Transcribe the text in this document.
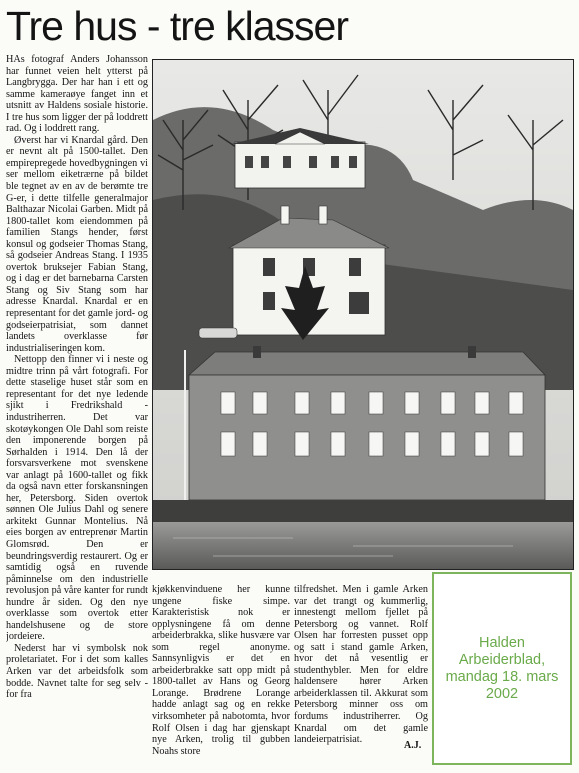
Tre hus - tre klasser

HAs fotograf Anders Johansson har funnet veien helt ytterst på Langbrygga. Der har han i ett og samme kameraøye fanget inn et utsnitt av Haldens sosiale historie. I tre hus som ligger der på loddrett rad. Og i loddrett rang.

Øverst har vi Knardal gård. Den er nevnt alt på 1500-tallet. Den empirepregede hovedbygningen vi ser mellom eiketrærne på bildet ble tegnet av en av de berømte tre G-er, i dette tilfelle generalmajor Balthazar Nicolai Garben. Midt på 1800-tallet kom eiendommen på familien Stangs hender, først konsul og godseier Thomas Stang, så godseier Andreas Stang. I 1935 overtok bruksejer Fabian Stang, og i dag er det barnebarna Carsten Stang og Siv Stang som har adresse Knardal. Knardal er en representant for det gamle jord- og godseierpatrisiat, som dannet landets overklasse før industrialiseringen kom.

Nettopp den finner vi i neste og midtre trinn på vårt fotografi. For dette staselige huset står som en representant for det nye ledende sjikt i Fredrikshald - industriherren. Det var skotøykongen Ole Dahl som reiste den imponerende borgen på Sørhalden i 1914. Den lå der forsvarsverkene mot svenskene var anlagt på 1600-tallet og fikk da også navn etter forskansningen her, Petersborg. Siden overtok sønnen Ole Julius Dahl og senere arkitekt Gunnar Montelius. Nå eies borgen av entreprenør Martin Glomsrød. Den er beundringsverdig restaurert. Og er samtidig også en ruvende påminnelse om den industrielle revolusjon på våre kanter for rundt hundre år siden. Og den nye overklasse som overtok etter handelshusene og de store jordeiere.

Nederst har vi symbolsk nok proletariatet. For i det som kalles Arken var det arbeidsfolk som bodde. Navnet talte for seg selv - for fra

kjøkkenvinduene her kunne ungene fiske simpe. Karakteristisk nok er opplysningene få om denne arbeiderbrakka, slike husvære var som regel anonyme. Sannsynligvis er det en arbeiderbrakke satt opp midt på 1800-tallet av Hans og Georg Lorange. Brødrene Lorange hadde anlagt sag og en rekke virksomheter på nabotomta, hvor Rolf Olsen i dag har gjenskapt nye Arken, trolig til gubben Noahs store

tilfredshet. Men i gamle Arken var det trangt og kummerlig, innestengt mellom fjellet på Petersborg og vannet. Rolf Olsen har forresten pusset opp og satt i stand gamle Arken, hvor det nå vesentlig er studenthybler. Men for eldre haldensere hører Arken arbeiderklassen til. Akkurat som Petersborg minner oss om fordums industriherrer. Og Knardal om det gamle landeierpatrisiat.

A.J.
Halden
Arbeiderblad,
mandag 18. mars
2002
